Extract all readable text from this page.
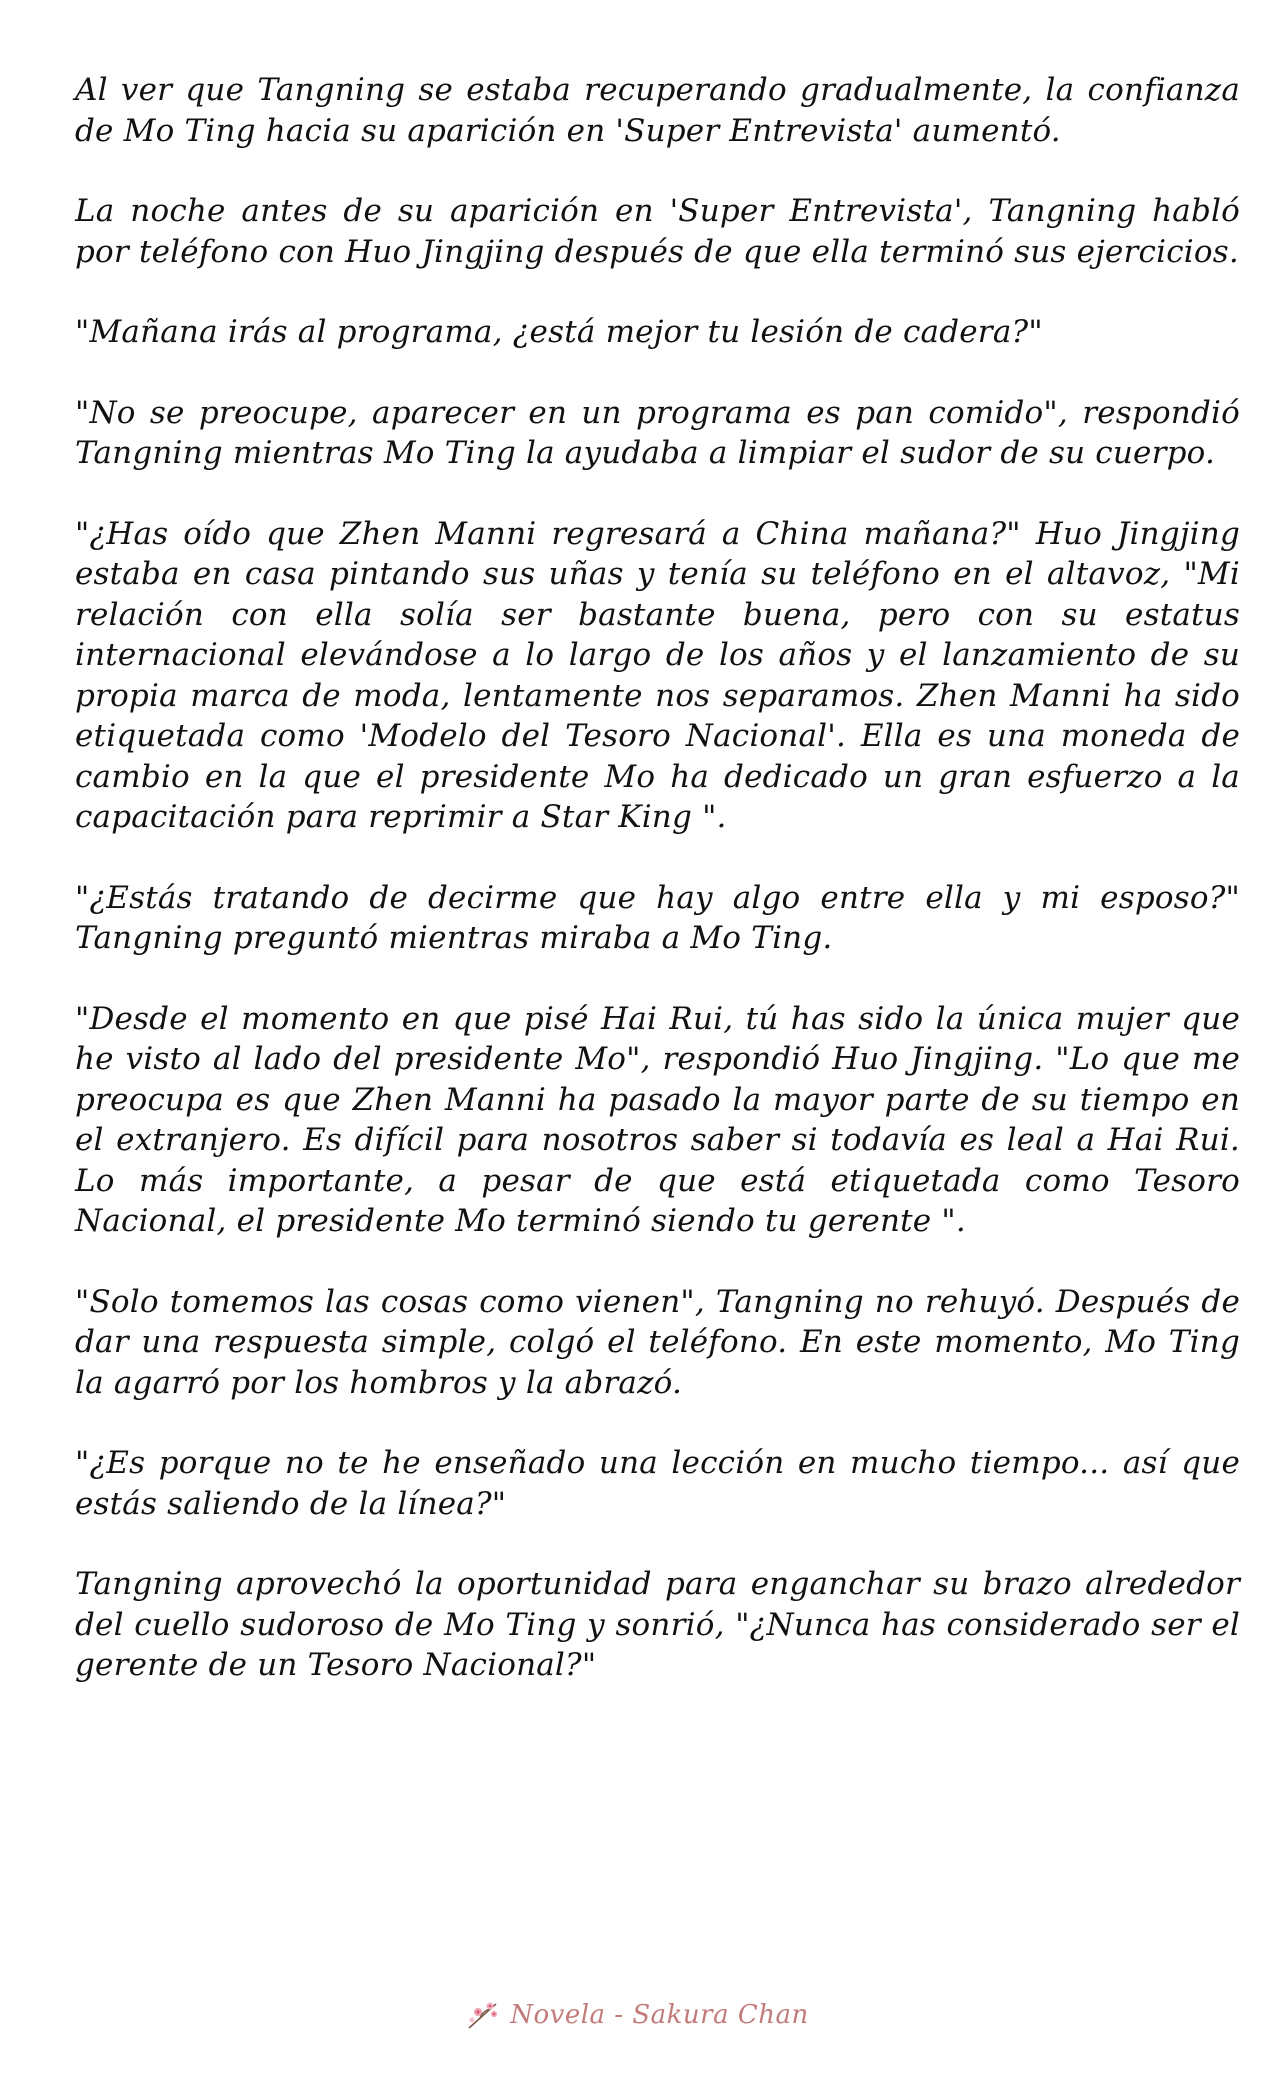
Al ver que Tangning se estaba recuperando gradualmente, la confianza de Mo Ting hacia su aparición en 'Super Entrevista' aumentó.

La noche antes de su aparición en 'Super Entrevista', Tangning habló por teléfono con Huo Jingjing después de que ella terminó sus ejercicios.

"Mañana irás al programa, ¿está mejor tu lesión de cadera?"

"No se preocupe, aparecer en un programa es pan comido", respondió Tangning mientras Mo Ting la ayudaba a limpiar el sudor de su cuerpo.

"¿Has oído que Zhen Manni regresará a China mañana?" Huo Jingjing estaba en casa pintando sus uñas y tenía su teléfono en el altavoz, "Mi relación con ella solía ser bastante buena, pero con su estatus internacional elevándose a lo largo de los años y el lanzamiento de su propia marca de moda, lentamente nos separamos. Zhen Manni ha sido etiquetada como 'Modelo del Tesoro Nacional'. Ella es una moneda de cambio en la que el presidente Mo ha dedicado un gran esfuerzo a la capacitación para reprimir a Star King ".

"¿Estás tratando de decirme que hay algo entre ella y mi esposo?" Tangning preguntó mientras miraba a Mo Ting.

"Desde el momento en que pisé Hai Rui, tú has sido la única mujer que he visto al lado del presidente Mo", respondió Huo Jingjing. "Lo que me preocupa es que Zhen Manni ha pasado la mayor parte de su tiempo en el extranjero. Es difícil para nosotros saber si todavía es leal a Hai Rui. Lo más importante, a pesar de que está etiquetada como Tesoro Nacional, el presidente Mo terminó siendo tu gerente ".

"Solo tomemos las cosas como vienen", Tangning no rehuyó. Después de dar una respuesta simple, colgó el teléfono. En este momento, Mo Ting la agarró por los hombros y la abrazó.

"¿Es porque no te he enseñado una lección en mucho tiempo... así que estás saliendo de la línea?"

Tangning aprovechó la oportunidad para enganchar su brazo alrededor del cuello sudoroso de Mo Ting y sonrió, "¿Nunca has considerado ser el gerente de un Tesoro Nacional?"

Novela - Sakura Chan
